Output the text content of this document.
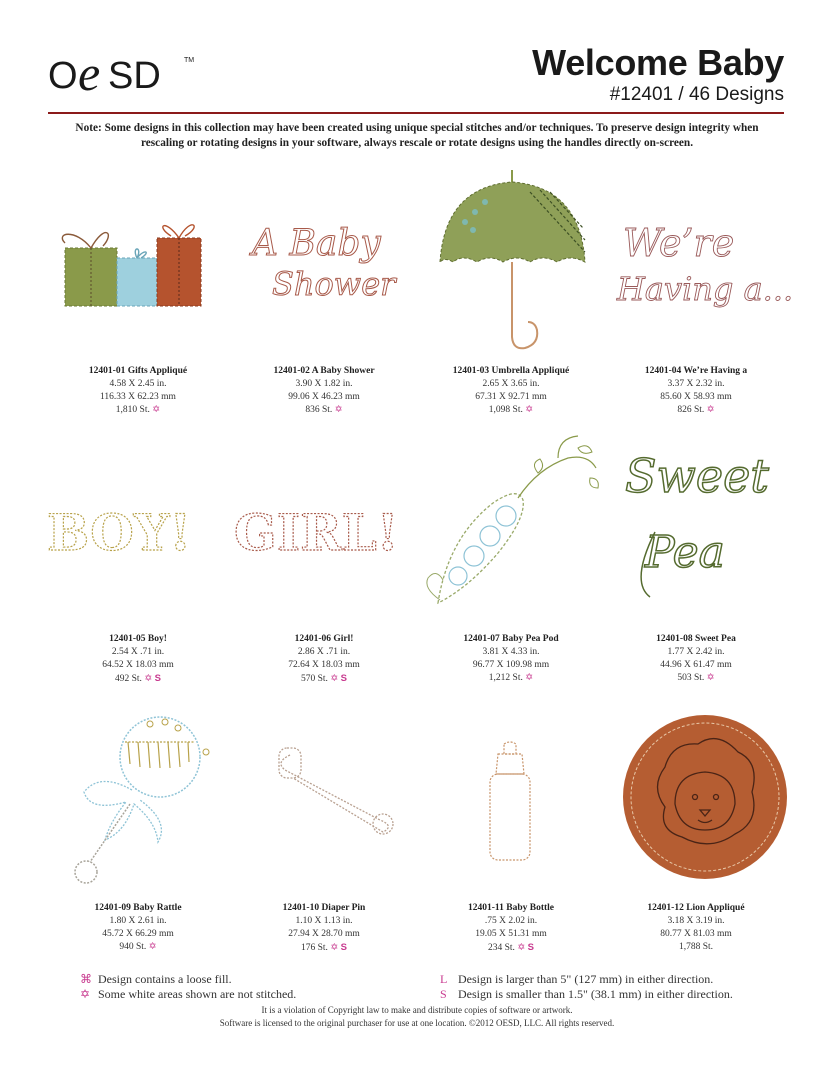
O e SD	TM	Welcome Baby
#12401 / 46 Designs
Note: Some designs in this collection may have been created using unique special stitches and/or techniques. To preserve design integrity when rescaling or rotating designs in your software, always rescale or rotate designs using the handles directly on-screen.
A Baby
Shower
We’re
Having a...
BOY! GIRL!
Sweet
Pea
12401-01 Gifts Appliqué
4.58 X 2.45 in.
116.33 X 62.23 mm
1,810 St. ✡
12401-02 A Baby Shower
3.90 X 1.82 in.
99.06 X 46.23 mm
836 St. ✡
12401-03 Umbrella Appliqué
2.65 X 3.65 in.
67.31 X 92.71 mm
1,098 St. ✡
12401-04 We’re Having a
3.37 X 2.32 in.
85.60 X 58.93 mm
826 St. ✡
12401-05 Boy!
2.54 X .71 in.
64.52 X 18.03 mm
492 St. ✡ S
12401-06 Girl!
2.86 X .71 in.
72.64 X 18.03 mm
570 St. ✡ S
12401-07 Baby Pea Pod
3.81 X 4.33 in.
96.77 X 109.98 mm
1,212 St. ✡
12401-08 Sweet Pea
1.77 X 2.42 in.
44.96 X 61.47 mm
503 St. ✡
12401-09 Baby Rattle
1.80 X 2.61 in.
45.72 X 66.29 mm
940 St. ✡
12401-10 Diaper Pin
1.10 X 1.13 in.
27.94 X 28.70 mm
176 St. ✡ S
12401-11 Baby Bottle
.75 X 2.02 in.
19.05 X 51.31 mm
234 St. ✡ S
12401-12 Lion Appliqué
3.18 X 3.19 in.
80.77 X 81.03 mm
1,788 St.
⌘ Design contains a loose fill.
✡ Some white areas shown are not stitched.
L Design is larger than 5" (127 mm) in either direction.
S Design is smaller than 1.5" (38.1 mm) in either direction.
It is a violation of Copyright law to make and distribute copies of software or artwork.
Software is licensed to the original purchaser for use at one location. ©2012 OESD, LLC. All rights reserved.
